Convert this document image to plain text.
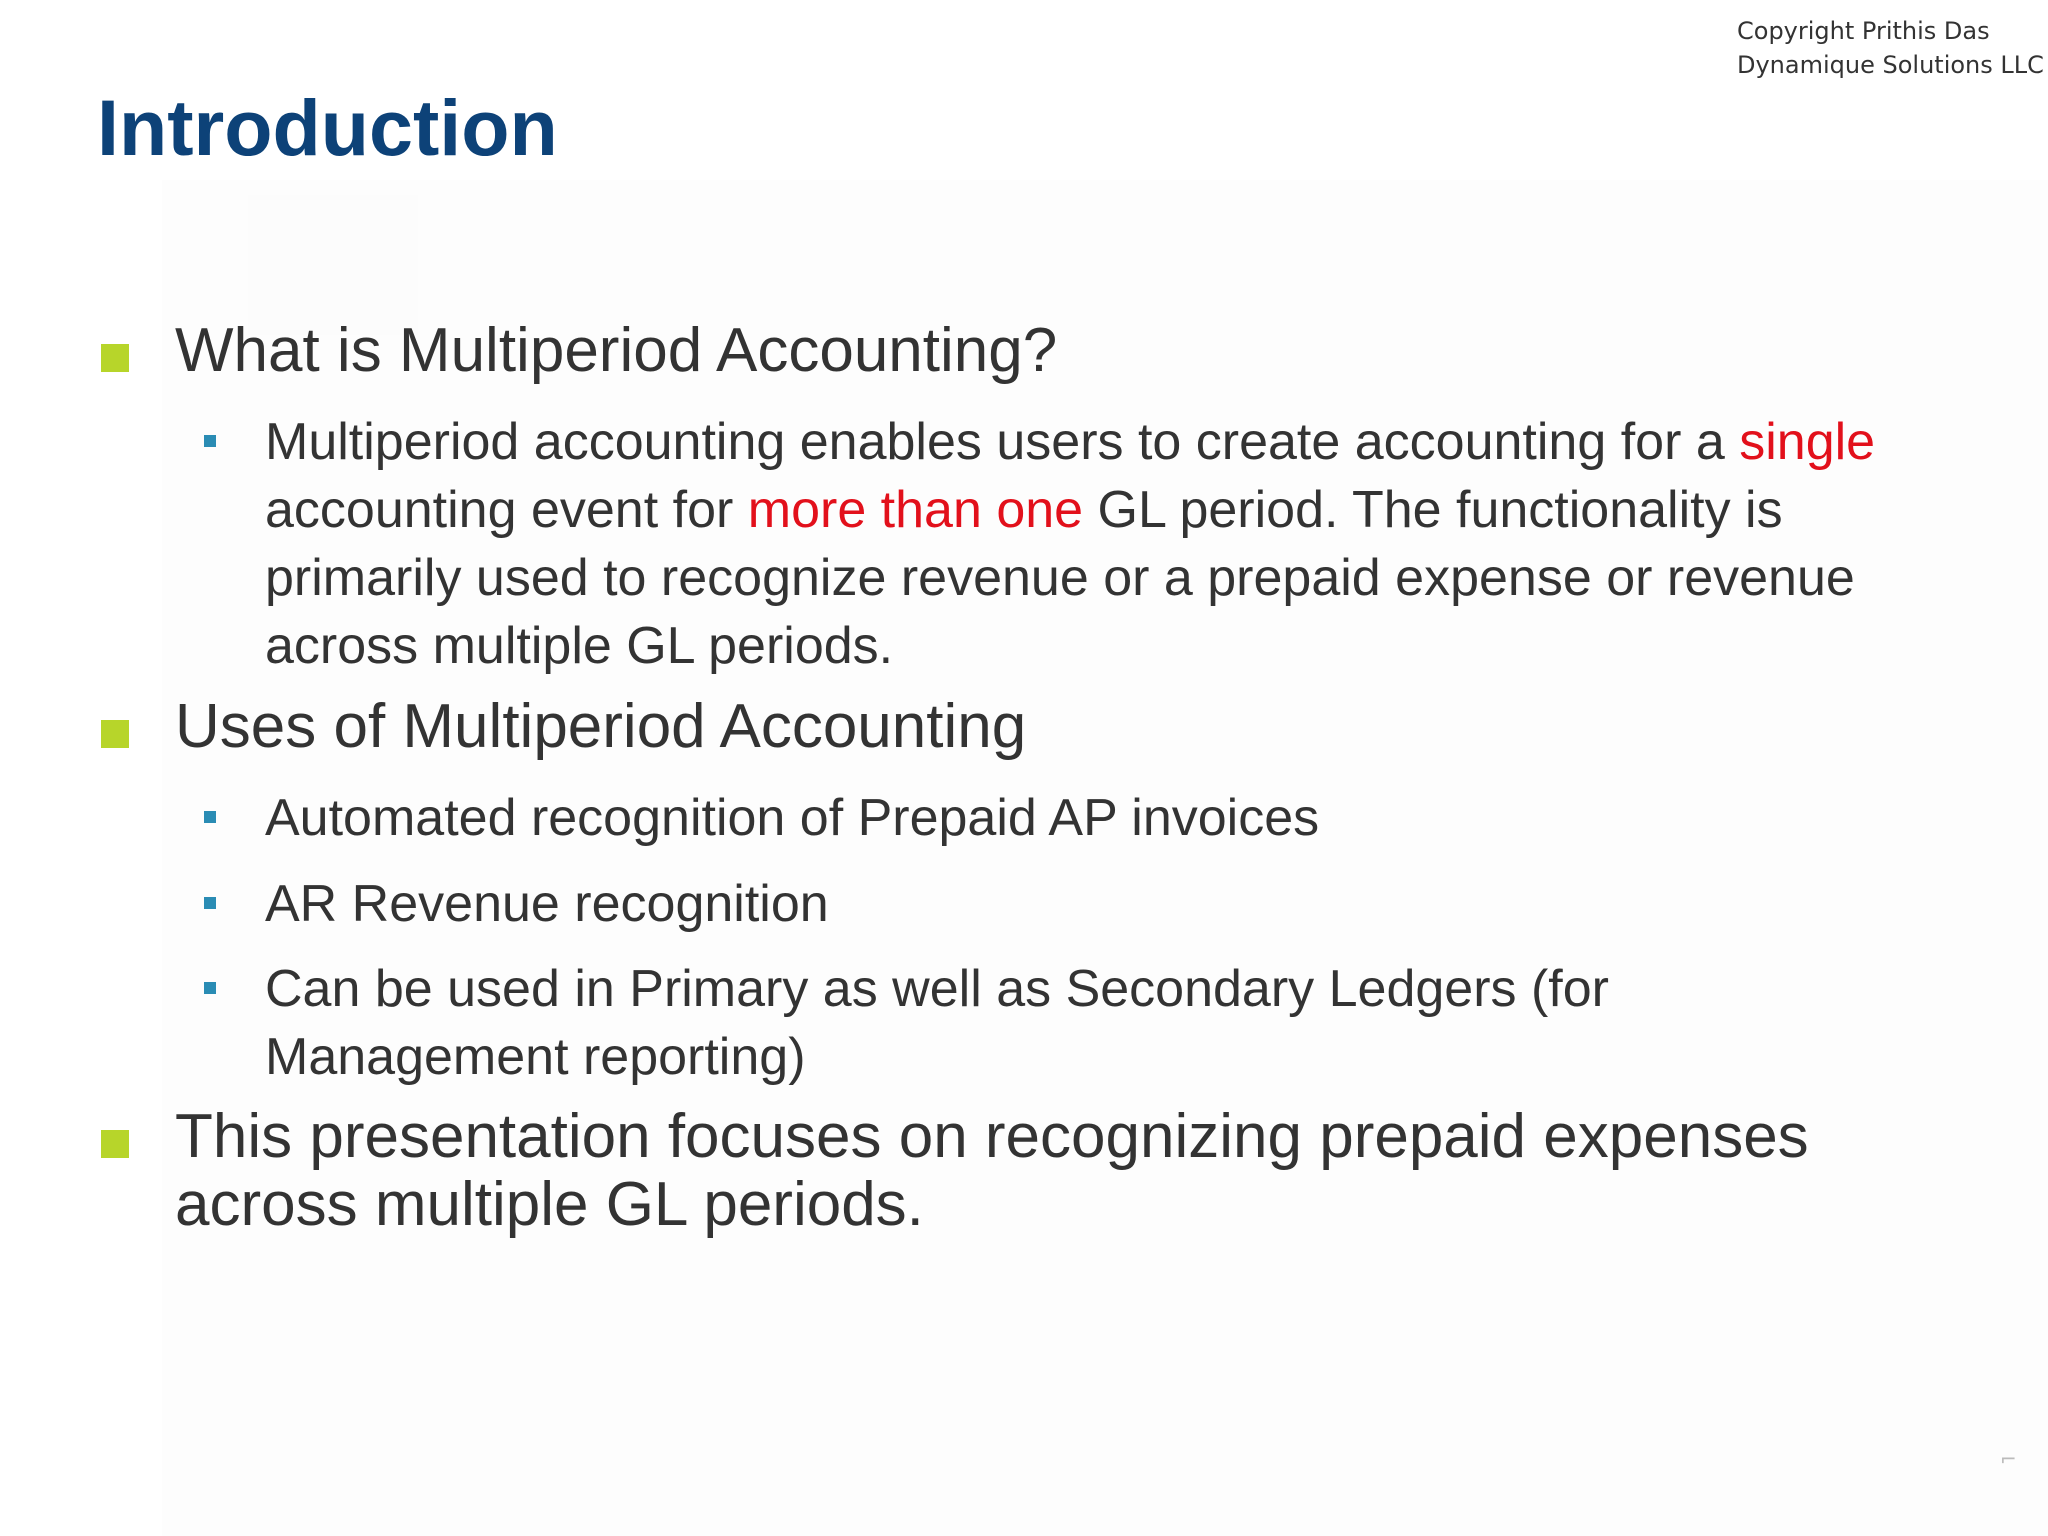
Copyright Prithis Das
Dynamique Solutions LLC
Introduction
What is Multiperiod Accounting?
Multiperiod accounting enables users to create accounting for a single accounting event for more than one GL period. The functionality is primarily used to recognize revenue or a prepaid expense or revenue across multiple GL periods.
Uses of Multiperiod Accounting
Automated recognition of Prepaid AP invoices
AR Revenue recognition
Can be used in Primary as well as Secondary Ledgers (for Management reporting)
This presentation focuses on recognizing prepaid expenses across multiple GL periods.
⌐
